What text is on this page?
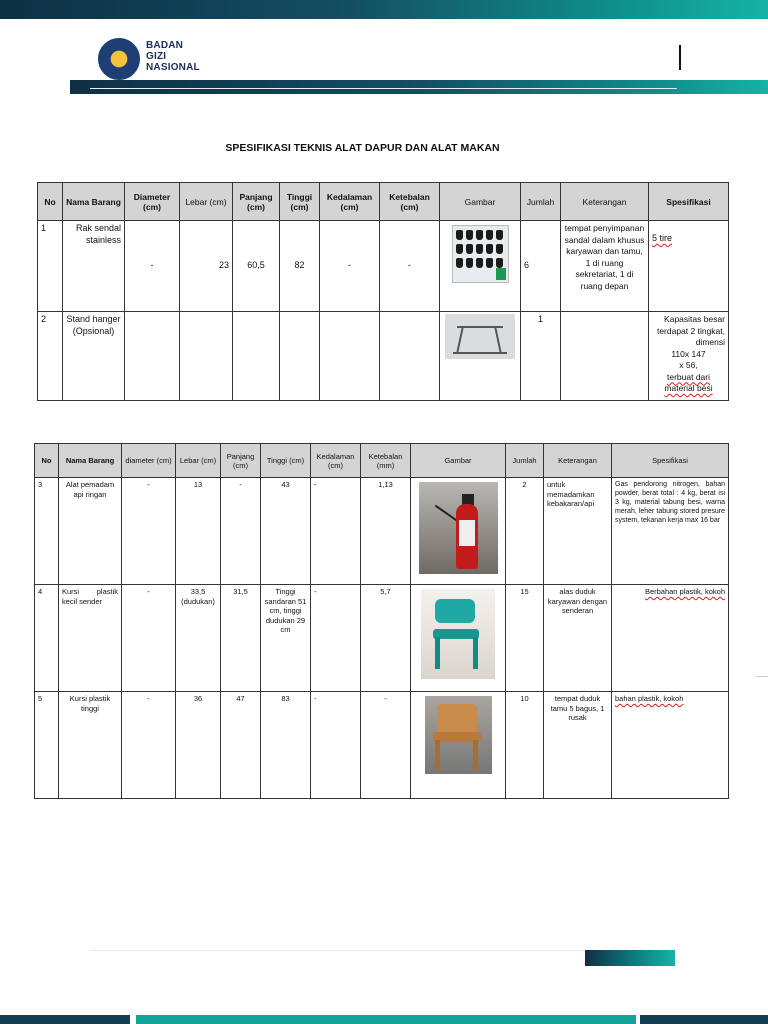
BADAN
GIZI
NASIONAL
SPESIFIKASI TEKNIS ALAT DAPUR DAN ALAT MAKAN
No	Nama Barang	Diameter (cm)	Lebar (cm)	Panjang (cm)	Tinggi (cm)	Kedalaman (cm)	Ketebalan (cm)	Gambar	Jumlah	Keterangan	Spesifikasi
1	Rak sendal stainless	-	23	60,5	82	-	-		6	tempat penyimpanan sandal dalam khusus karyawan dan tamu, 1 di ruang sekretariat, 1 di ruang depan	5 tire
2	Stand hanger (Opsional)								1		Kapasitas besar
terdapat 2 tingkat, dimensi
110x 147
x 56,
terbuat dari material besi
No	Nama Barang	diameter (cm)	Lebar (cm)	Panjang (cm)	Tinggi (cm)	Kedalaman (cm)	Ketebalan (mm)	Gambar	Jumlah	Keterangan	Spesifikasi
3	Alat pemadam api ringan	-	13	-	43	-	1,13		2	untuk memadamkan kebakaran/api	Gas pendorong nitrogen, bahan powder, berat total : 4 kg, berat isi 3 kg, material tabung besi, warna merah, leher tabung stored presure system, tekanan kerja max 16 bar
4	Kursi plastik kecil sender	-	33,5 (dudukan)	31,5	Tinggi sandaran 51 cm, tinggi dudukan 29 cm	-	5,7		15	alas duduk karyawan dengan senderan	Berbahan plastik, kokoh
5	Kursi plastik tinggi	-	36	47	83	-	-		10	tempat duduk tamu 5 bagus, 1 rusak	bahan plastik, kokoh
